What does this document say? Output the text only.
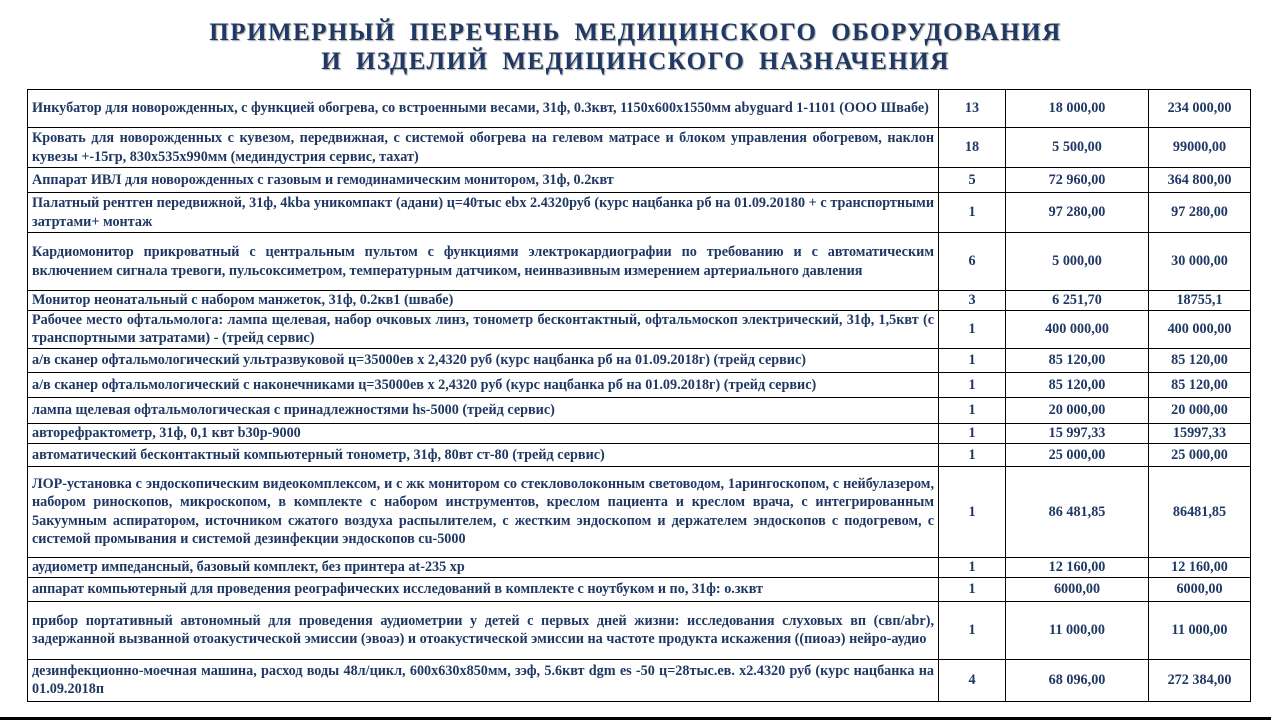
ПРИМЕРНЫЙ ПЕРЕЧЕНЬ МЕДИЦИНСКОГО ОБОРУДОВАНИЯ
И ИЗДЕЛИЙ МЕДИЦИНСКОГО НАЗНАЧЕНИЯ
Инкубатор для новорожденных, с функцией обогрева, со встроенными весами, 31ф, 0.3квт, 1150х600х1550мм abyguard 1-1101 (ООО Швабе)	13	18 000,00	234 000,00
Кровать для новорожденных с кувезом, передвижная, с системой обогрева на гелевом матрасе и блоком управления обогревом, наклон кувезы +-15гр, 830х535х990мм (мединдустрия сервис, тахат)	18	5 500,00	99000,00
Аппарат ИВЛ для новорожденных с газовым и гемодинамическим монитором, 31ф, 0.2квт	5	72 960,00	364 800,00
Палатный рентген передвижной, 31ф, 4kba уникомпакт (адани) ц=40тыс ebx 2.4320руб (курс нацбанка рб на 01.09.20180 + с транспортными затртами+ монтаж	1	97 280,00	97 280,00
Кардиомонитор прикроватный с центральным пультом с функциями электрокардиографии по требованию и с автоматическим включением сигнала тревоги, пульсоксиметром, температурным датчиком, неинвазивным измерением артериального давления	6	5 000,00	30 000,00
Монитор неонатальный с набором манжеток, 31ф, 0.2кв1 (швабе)	3	6 251,70	18755,1
Рабочее место офтальмолога: лампа щелевая, набор очковых линз, тонометр бесконтактный, офтальмоскоп электрический, 31ф, 1,5квт (с транспортными затратами) - (трейд сервис)	1	400 000,00	400 000,00
а/в сканер офтальмологический ультразвуковой ц=35000ев х 2,4320 руб (курс нацбанка рб на 01.09.2018г) (трейд сервис)	1	85 120,00	85 120,00
а/в сканер офтальмологический с наконечниками ц=35000ев х 2,4320 руб (курс нацбанка рб на 01.09.2018г) (трейд сервис)	1	85 120,00	85 120,00
лампа щелевая офтальмологическая с принадлежностями hs-5000 (трейд сервис)	1	20 000,00	20 000,00
авторефрактометр, 31ф, 0,1 квт b30p-9000	1	15 997,33	15997,33
автоматический бесконтактный компьютерный тонометр, 31ф, 80вт ст-80 (трейд сервис)	1	25 000,00	25 000,00
ЛОР-установка с эндоскопическим видеокомплексом, и с жк монитором со стекловолоконным световодом, 1арингоскопом, с нейбулазером, набором риноскопов, микроскопом, в комплекте с набором инструментов, креслом пациента и креслом врача, с интегрированным 5акуумным аспиратором, источником сжатого воздуха распылителем, с жестким эндоскопом и держателем эндоскопов с подогревом, с системой промывания и системой дезинфекции эндоскопов cu-5000	1	86 481,85	86481,85
аудиометр импедансный, базовый комплект, без принтера at-235 хр	1	12 160,00	12 160,00
аппарат компьютерный для проведения реографических исследований в комплекте с ноутбуком и по, 31ф: о.зквт	1	6000,00	6000,00
прибор портативный автономный для проведения аудиометрии у детей с первых дней жизни: исследования слуховых вп (свп/abr), задержанной вызванной отоакустической эмиссии (эвоаэ) и отоакустической эмиссии на частоте продукта искажения ((пиоаэ) нейро-аудио	1	11 000,00	11 000,00
дезинфекционно-моечная машина, расход воды 48л/цикл, 600х630х850мм, зэф, 5.6квт dgm es -50 ц=28тыс.ев. х2.4320 руб (курс нацбанка на 01.09.2018п	4	68 096,00	272 384,00
